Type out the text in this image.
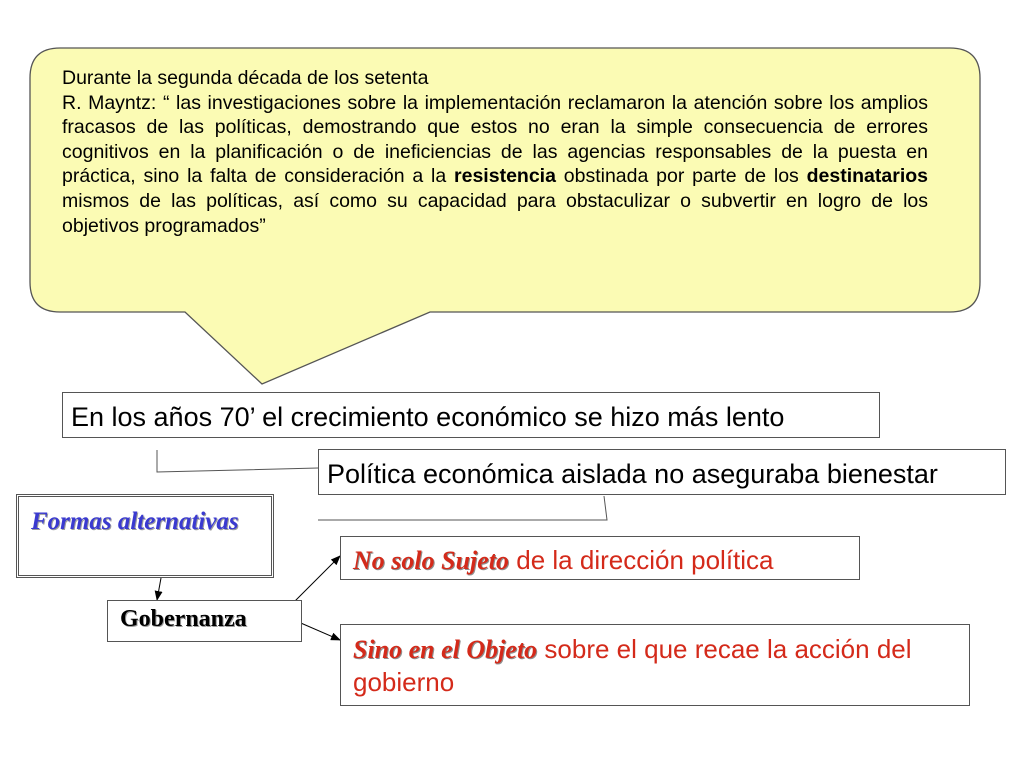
Durante la segunda década de los setenta

R. Mayntz: “ las investigaciones sobre la implementación reclamaron la atención sobre los amplios fracasos de las políticas, demostrando que estos no eran la simple consecuencia de errores cognitivos en la planificación o de ineficiencias de las agencias responsables de la puesta en práctica, sino la falta de consideración a la resistencia obstinada por parte de los destinatarios mismos de las políticas, así como su capacidad para obstaculizar o subvertir en logro de los objetivos programados”

En los años 70’ el crecimiento económico se hizo más lento
Política económica aislada no aseguraba bienestar
Formas alternativas
Gobernanza
No solo Sujeto de la dirección política
Sino en el Objeto sobre el que recae la acción del gobierno
